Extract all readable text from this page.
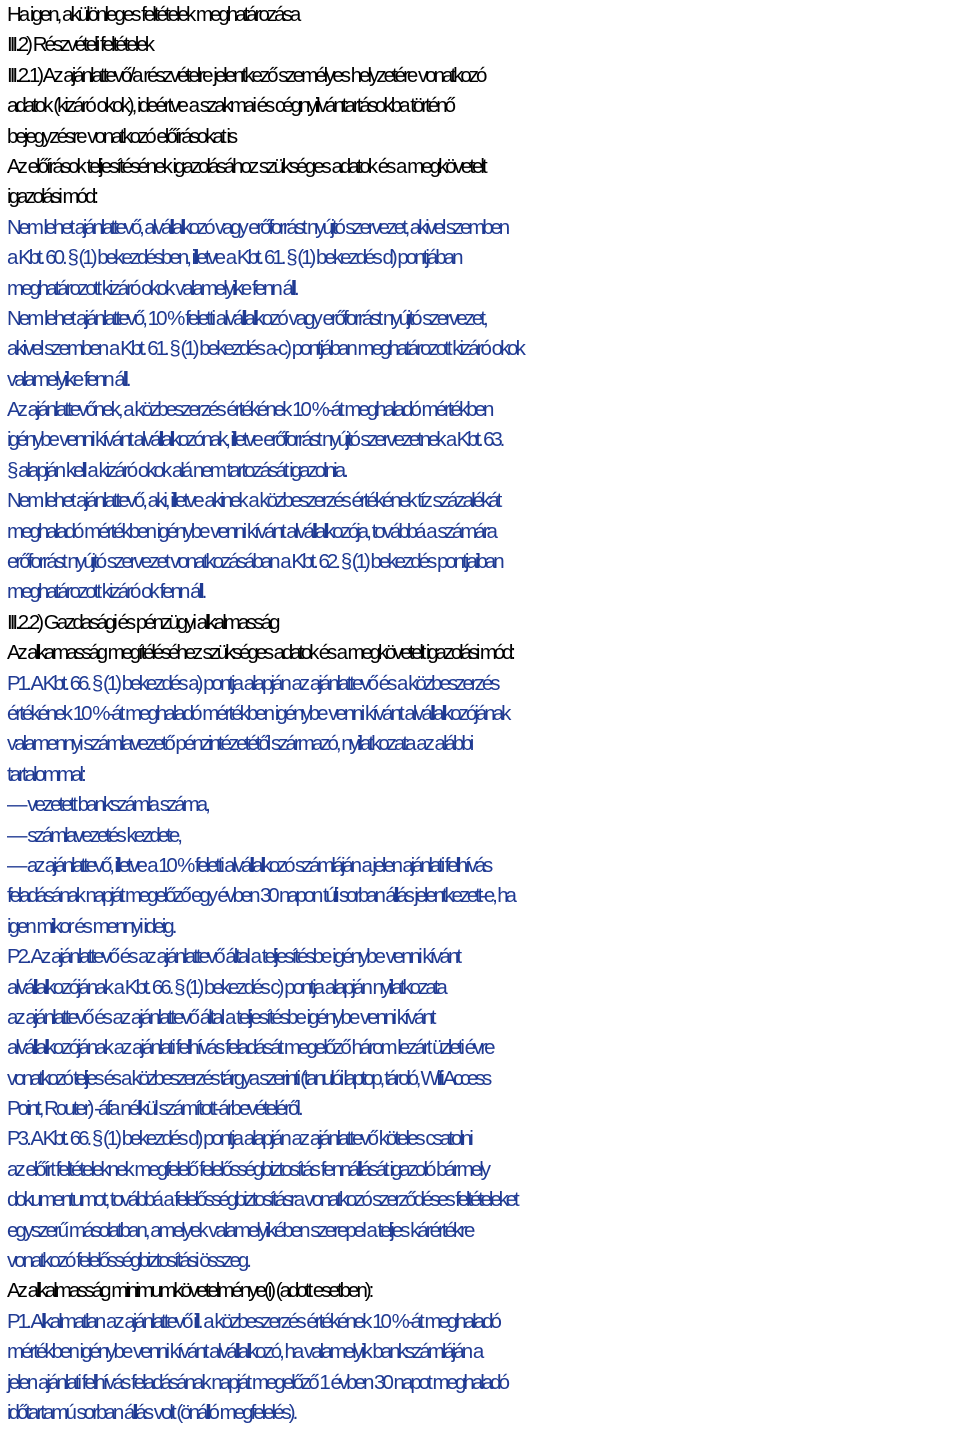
Ha igen, akülönleges feltételek meghatározása
III.2) Részvételi feltételek
III.2.1) Az ajánlattevő/a részvételre jelentkező személyes helyzetére vonatkozó
adatok (kizáró okok), ideértve a szakmai és cégnyilvántartásokba történő
bejegyzésre vonatkozó előírásokat is
Az előírások teljesítésének igazolásához szükséges adatok és a megkövetelt
igazolási mód:
Nem lehet ajánlattevő, alvállalkozó vagy erőforrást nyújtó szervezet, akivel szemben
a Kbt. 60. § (1) bekezdésben, illetve a Kbt. 61. § (1) bekezdés d) pontjában
meghatározott kizáró okok valamelyike fenn áll.
Nem lehet ajánlattevő, 10 % feletti alvállalkozó vagy erőforrást nyújtó szervezet,
akivel szemben a Kbt. 61. § (1) bekezdés a-c) pontjában meghatározott kizáró okok
valamelyike fenn áll.
Az ajánlattevőnek, a közbeszerzés értékének 10 %-át meghaladó mértékben
igénybe venni kívánt alvállalkozónak, illetve erőforrást nyújtó szervezetnek a Kbt. 63.
§ alapján kell a kizáró okok alá nem tartozását igazolnia.
Nem lehet ajánlattevő, aki, illetve akinek a közbeszerzés értékének tíz százalékát
meghaladó mértékben igénybe venni kívánt alvállalkozója, továbbá a számára
erőforrást nyújtó szervezet vonatkozásában a Kbt. 62. § (1) bekezdés pontjaiban
meghatározott kizáró ok fenn áll.
III.2.2) Gazdasági és pénzügyi alkalmasság
Az alkamasság megítéléséhez szükséges adatok és a megkövetelt igazolási mód:
P1. A Kbt. 66. § (1) bekezdés a) pontja alapján az ajánlattevő és a közbeszerzés
értékének 10 %-át meghaladó mértékben igénybe venni kívánt alvállalkozójának
valamennyi számlavezető pénzintézetétől származó, nyilatkozata az alábbi
tartalommal:
— vezetett bankszámla száma,
— számlavezetés kezdete,
— az ajánlattevő, illetve a 10 % feletti alvállalkozó számláján a jelen ajánlati felhívás
feladásának napját megelőző egy évben 30 napon túli sorban állás jelentkezett-e, ha
igen mikor és mennyi ideig.
P2. Az ajánlattevő és az ajánlattevő által a teljesítésbe igénybe venni kívánt
alvállalkozójának a Kbt. 66. § (1) bekezdés c) pontja alapján nyilatkozata
az ajánlattevő és az ajánlattevő által a teljesítésbe igénybe venni kívánt
alvállalkozójának az ajánlati felhívás feladását megelőző három lezárt üzleti évre
vonatkozó teljes és a közbeszerzés tárgya szerinti (tanulói laptop, tároló, Wifi Access
Point, Router) -áfa nélkül számított-árbevételéről.
P3. A Kbt. 66. § (1) bekezdés d) pontja alapján az ajánlattevő köteles csatolni
az előírt feltételeknek megfelelő felelősségbiztosítás fennállását igazoló bármely
dokumentumot, továbbá a felelősségbiztosításra vonatkozó szerződéses feltételeket
egyszerű másolatban, amelyek valamelyikében szerepel a teljes kárértékre
vonatkozó felelősségbiztosítási összeg.
Az alkalmasság minimumkövetelménye(i) (adott esetben):
P1. Alkalmatlan az ajánlattevő ill. a közbeszerzés értékének 10 %-át meghaladó
mértékben igénybe venni kívánt alvállalkozó, ha valamelyik bankszámláján a
jelen ajánlati felhívás feladásának napját megelőző 1 évben 30 napot meghaladó
időtartamú sorban állás volt (önálló megfelelés).
